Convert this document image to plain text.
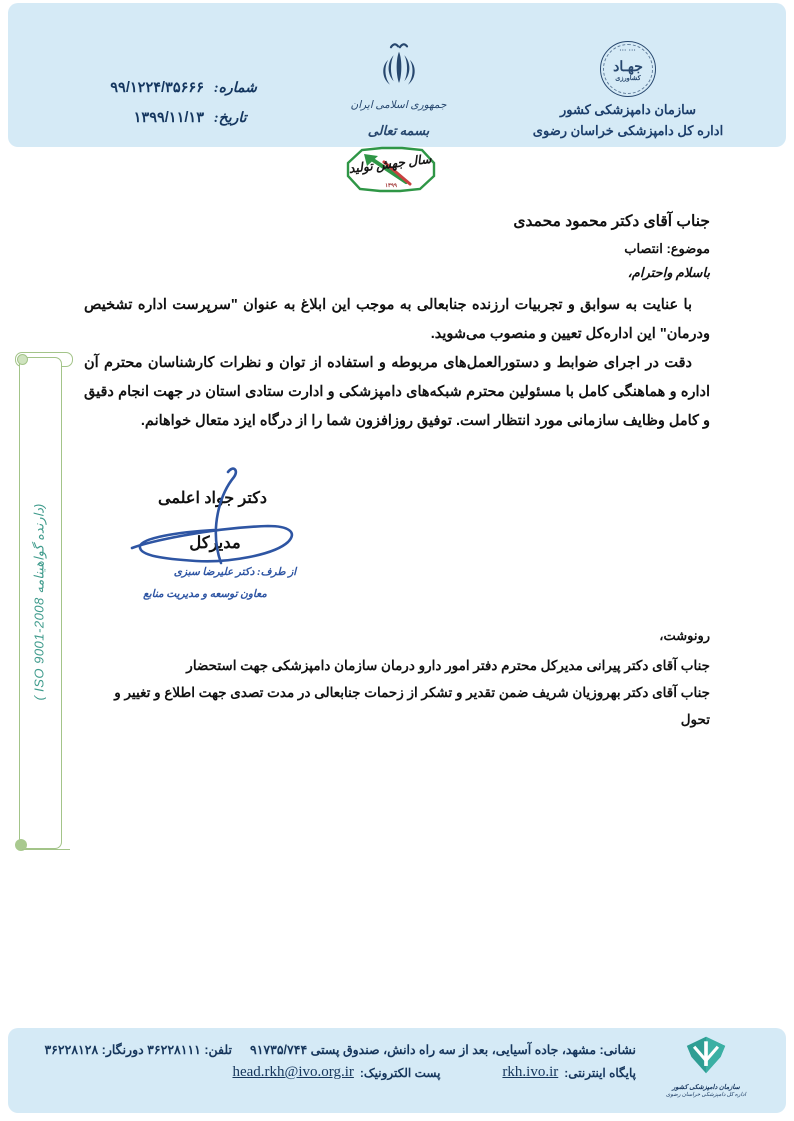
شماره:
۹۹/۱۲۲۴/۳۵۶۶۶
تاریخ:
۱۳۹۹/۱۱/۱۳
جمهوری اسلامی ایران
بسمه تعالی
••• •••
جهـاد
کشاورزی
سازمان دامپزشکی کشور
اداره کل دامپزشکی خراسان رضوی
سال جهش تولید
۱۳۹۹
(دارنده گواهینامه ISO 9001-2008 )

جناب آقای دکتر محمود محمدی

موضوع: انتصاب

باسلام واحترام،

با عنایت به سوابق و تجربیات ارزنده جنابعالی به موجب این ابلاغ به عنوان "سرپرست اداره تشخیص ودرمان" این اداره‌کل تعیین و منصوب می‌شوید.

دقت در اجرای ضوابط و دستورالعمل‌های مربوطه و استفاده از توان و نظرات کارشناسان محترم آن اداره و هماهنگی کامل با مسئولین محترم شبکه‌های دامپزشکی و ادارت ستادی استان در جهت انجام دقیق و کامل وظایف سازمانی مورد انتظار است. توفیق روزافزون شما را از درگاه ایزد متعال خواهانم.

دکتر جواد اعلمی
مدیرکل
از طرف: دکتر علیرضا سبزی
معاون توسعه و مدیریت منابع
رونوشت،
جناب آقای دکتر پیرانی مدیرکل محترم دفتر امور دارو درمان سازمان دامپزشکی جهت استحضار
جناب آقای دکتر بهروزیان شریف ضمن تقدیر و تشکر از زحمات جنابعالی در مدت تصدی جهت اطلاع و تغییر و تحول
سازمان دامپزشکی کشور
اداره کل دامپزشکی خراسان رضوی
نشانی: مشهد، جاده آسیایی، بعد از سه راه دانش، صندوق پستی ۹۱۷۳۵/۷۴۴تلفن: ۳۶۲۲۸۱۱۱ دورنگار: ۳۶۲۲۸۱۲۸
پایگاه اینترنتی:
rkh.ivo.ir
پست الکترونیک:
head.rkh@ivo.org.ir
